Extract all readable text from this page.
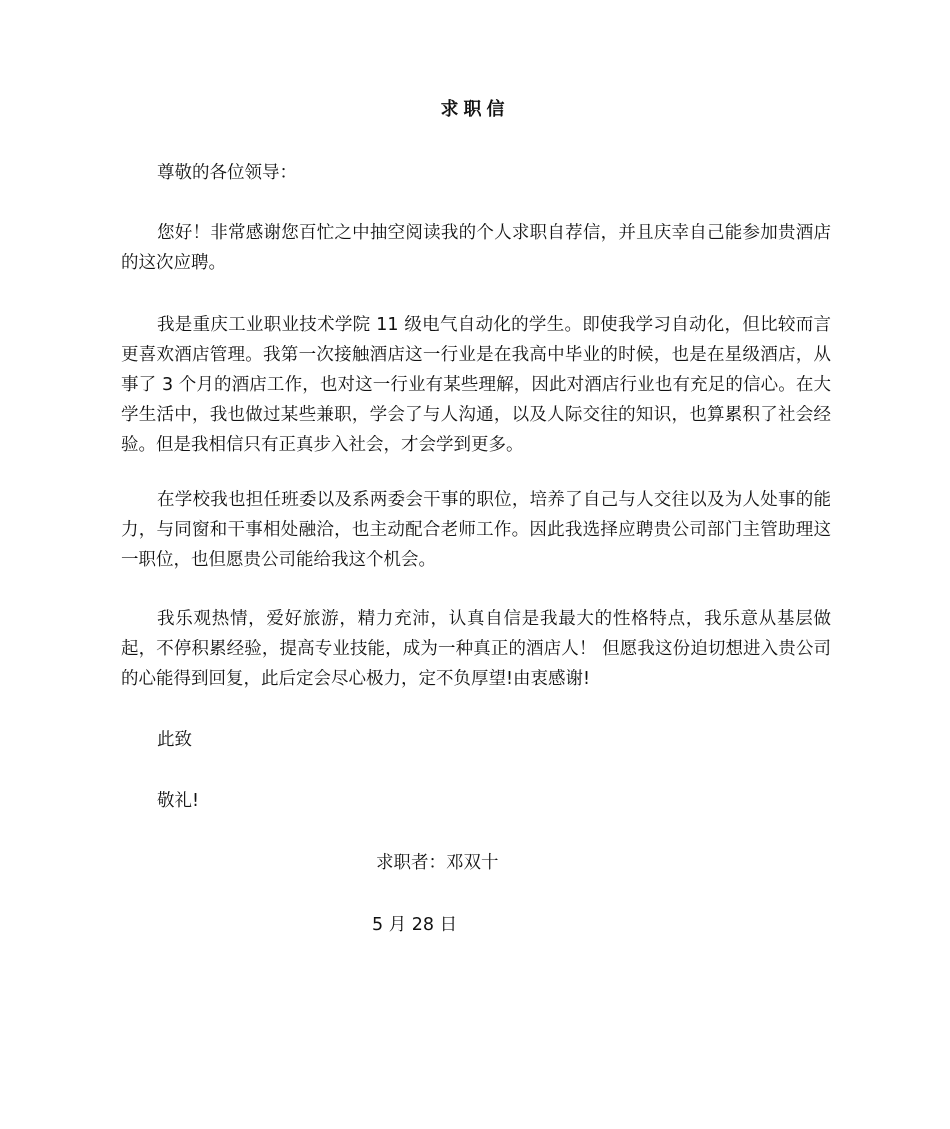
求职信
尊敬的各位领导：
您好！非常感谢您百忙之中抽空阅读我的个人求职自荐信，并且庆幸自己能参加贵酒店的这次应聘。
我是重庆工业职业技术学院 11 级电气自动化的学生。即使我学习自动化，但比较而言更喜欢酒店管理。我第一次接触酒店这一行业是在我高中毕业的时候，也是在星级酒店，从事了 3 个月的酒店工作，也对这一行业有某些理解，因此对酒店行业也有充足的信心。在大学生活中，我也做过某些兼职，学会了与人沟通，以及人际交往的知识，也算累积了社会经验。但是我相信只有正真步入社会，才会学到更多。
在学校我也担任班委以及系两委会干事的职位，培养了自己与人交往以及为人处事的能力，与同窗和干事相处融洽，也主动配合老师工作。因此我选择应聘贵公司部门主管助理这一职位，也但愿贵公司能给我这个机会。
我乐观热情，爱好旅游，精力充沛，认真自信是我最大的性格特点，我乐意从基层做起，不停积累经验，提高专业技能，成为一种真正的酒店人！ 但愿我这份迫切想进入贵公司的心能得到回复，此后定会尽心极力，定不负厚望!由衷感谢!
此致
敬礼!
求职者：邓双十
5 月 28 日
